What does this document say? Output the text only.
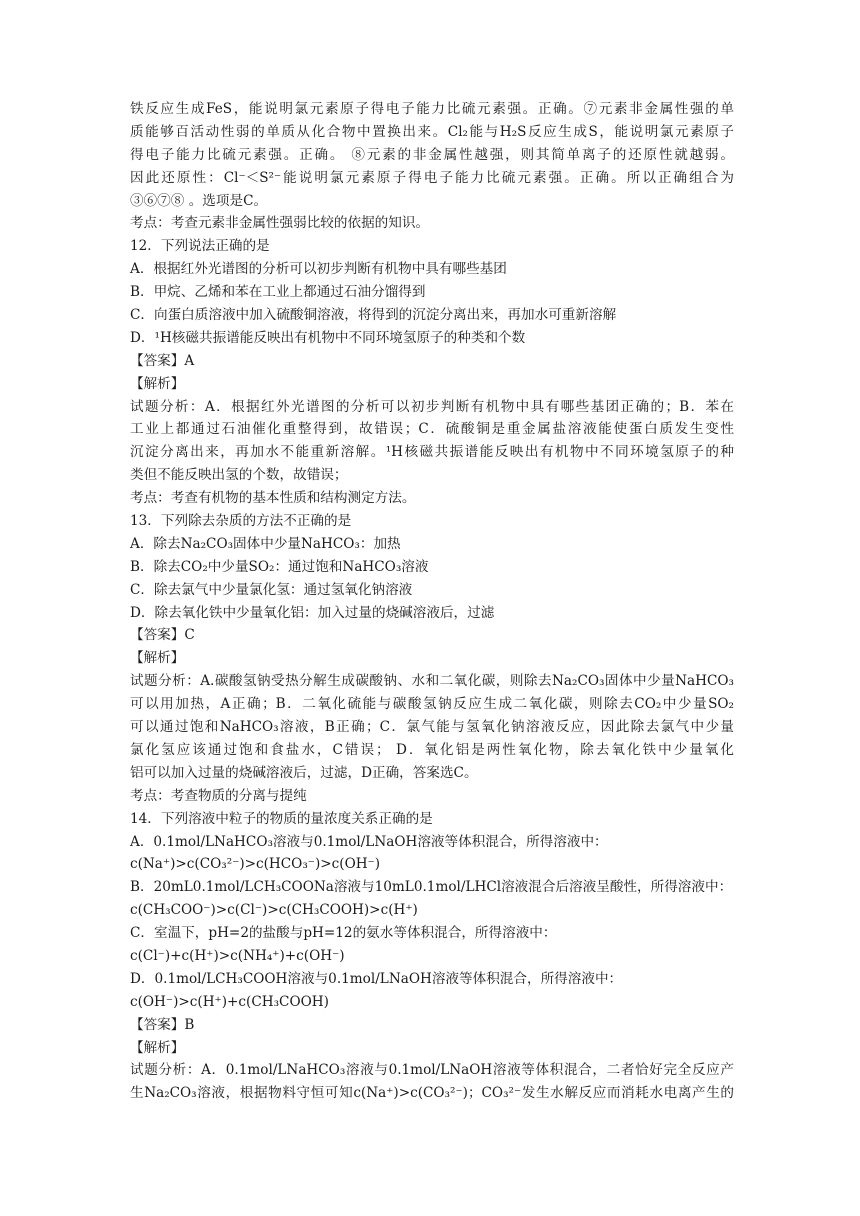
铁反应生成FeS，能说明氯元素原子得电子能力比硫元素强。正确。⑦元素非金属性强的单
质能够百活动性弱的单质从化合物中置换出来。Cl₂能与H₂S反应生成S，能说明氯元素原子
得电子能力比硫元素强。正确。 ⑧元素的非金属性越强，则其简单离子的还原性就越弱。
因此还原性：Cl⁻＜S²⁻能说明氯元素原子得电子能力比硫元素强。正确。所以正确组合为
③⑥⑦⑧ 。选项是C。
考点：考查元素非金属性强弱比较的依据的知识。
12．下列说法正确的是
A．根据红外光谱图的分析可以初步判断有机物中具有哪些基团
B．甲烷、乙烯和苯在工业上都通过石油分馏得到
C．向蛋白质溶液中加入硫酸铜溶液，将得到的沉淀分离出来，再加水可重新溶解
D．¹H核磁共振谱能反映出有机物中不同环境氢原子的种类和个数
【答案】A
【解析】
试题分析：A．根据红外光谱图的分析可以初步判断有机物中具有哪些基团正确的；B．苯在
工业上都通过石油催化重整得到，故错误；C．硫酸铜是重金属盐溶液能使蛋白质发生变性
沉淀分离出来，再加水不能重新溶解。¹H核磁共振谱能反映出有机物中不同环境氢原子的种
类但不能反映出氢的个数，故错误；
考点：考查有机物的基本性质和结构测定方法。
13．下列除去杂质的方法不正确的是
A．除去Na₂CO₃固体中少量NaHCO₃：加热
B．除去CO₂中少量SO₂：通过饱和NaHCO₃溶液
C．除去氯气中少量氯化氢：通过氢氧化钠溶液
D．除去氧化铁中少量氧化铝：加入过量的烧碱溶液后，过滤
【答案】C
【解析】
试题分析：A.碳酸氢钠受热分解生成碳酸钠、水和二氧化碳，则除去Na₂CO₃固体中少量NaHCO₃
可以用加热，A正确；B．二氧化硫能与碳酸氢钠反应生成二氧化碳，则除去CO₂中少量SO₂
可以通过饱和NaHCO₃溶液，B正确；C．氯气能与氢氧化钠溶液反应，因此除去氯气中少量
氯化氢应该通过饱和食盐水，C错误； D．氧化铝是两性氧化物，除去氧化铁中少量氧化
铝可以加入过量的烧碱溶液后，过滤，D正确，答案选C。
考点：考查物质的分离与提纯
14．下列溶液中粒子的物质的量浓度关系正确的是
A．0.1mol/LNaHCO₃溶液与0.1mol/LNaOH溶液等体积混合，所得溶液中：
c(Na⁺)>c(CO₃²⁻)>c(HCO₃⁻)>c(OH⁻)
B．20mL0.1mol/LCH₃COONa溶液与10mL0.1mol/LHCl溶液混合后溶液呈酸性，所得溶液中：
c(CH₃COO⁻)>c(Cl⁻)>c(CH₃COOH)>c(H⁺)
C．室温下，pH=2的盐酸与pH=12的氨水等体积混合，所得溶液中：
c(Cl⁻)+c(H⁺)>c(NH₄⁺)+c(OH⁻)
D．0.1mol/LCH₃COOH溶液与0.1mol/LNaOH溶液等体积混合，所得溶液中：
c(OH⁻)>c(H⁺)+c(CH₃COOH)
【答案】B
【解析】
试题分析：A．0.1mol/LNaHCO₃溶液与0.1mol/LNaOH溶液等体积混合，二者恰好完全反应产
生Na₂CO₃溶液，根据物料守恒可知c(Na⁺)>c(CO₃²⁻)；CO₃²⁻发生水解反应而消耗水电离产生的
